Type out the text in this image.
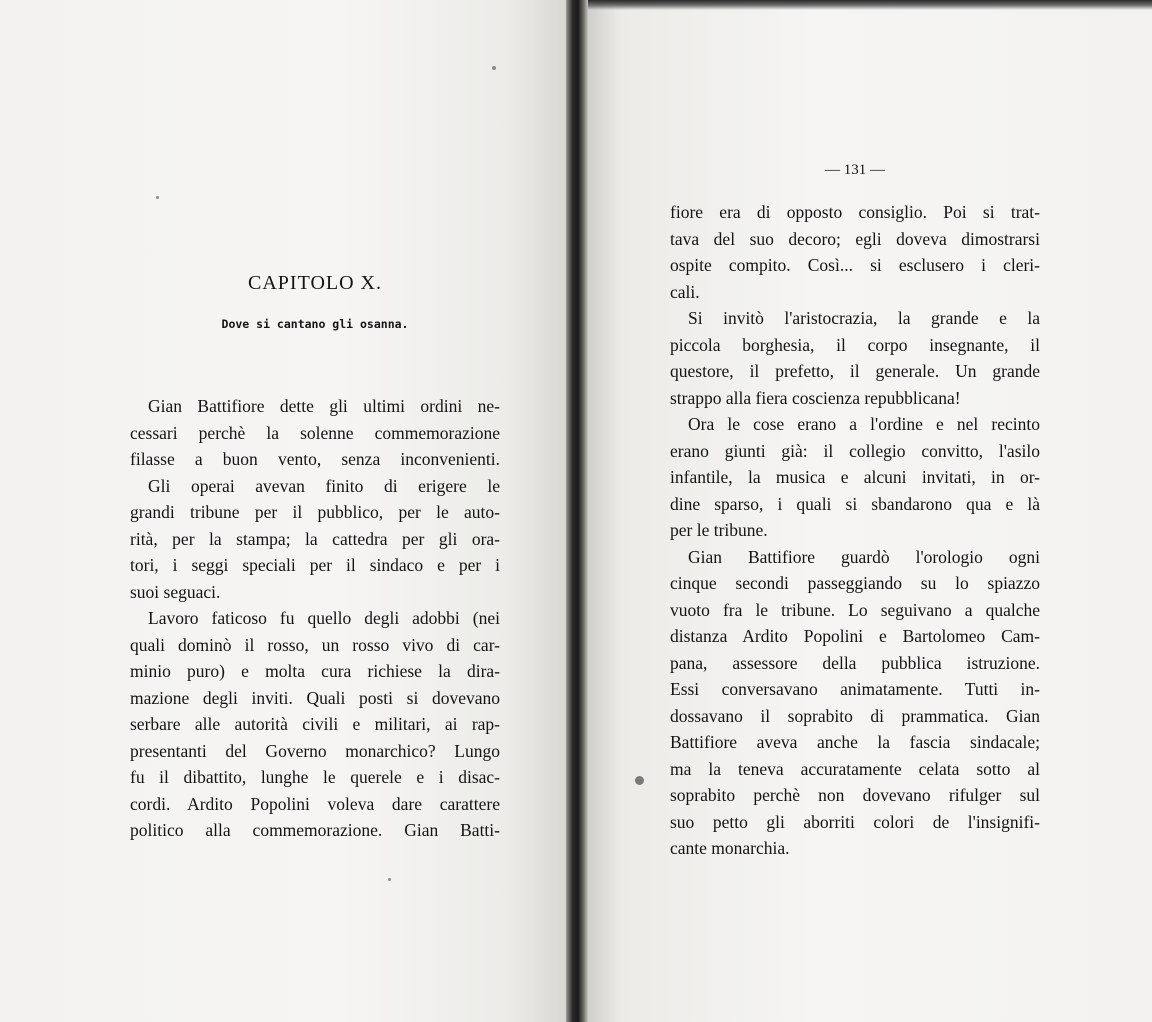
CAPITOLO X.
Dove si cantano gli osanna.
Gian Battifiore dette gli ultimi ordini ne-
cessari perchè la solenne commemorazione
filasse a buon vento, senza inconvenienti.
Gli operai avevan finito di erigere le
grandi tribune per il pubblico, per le auto-
rità, per la stampa; la cattedra per gli ora-
tori, i seggi speciali per il sindaco e per i
suoi seguaci.
Lavoro faticoso fu quello degli adobbi (nei
quali dominò il rosso, un rosso vivo di car-
minio puro) e molta cura richiese la dira-
mazione degli inviti. Quali posti si dovevano
serbare alle autorità civili e militari, ai rap-
presentanti del Governo monarchico? Lungo
fu il dibattito, lunghe le querele e i disac-
cordi. Ardito Popolini voleva dare carattere
politico alla commemorazione. Gian Batti-
— 131 —
fiore era di opposto consiglio. Poi si trat-
tava del suo decoro; egli doveva dimostrarsi
ospite compito. Così... si esclusero i cleri-
cali.
Si invitò l'aristocrazia, la grande e la
piccola borghesia, il corpo insegnante, il
questore, il prefetto, il generale. Un grande
strappo alla fiera coscienza repubblicana!
Ora le cose erano a l'ordine e nel recinto
erano giunti già: il collegio convitto, l'asilo
infantile, la musica e alcuni invitati, in or-
dine sparso, i quali si sbandarono qua e là
per le tribune.
Gian Battifiore guardò l'orologio ogni
cinque secondi passeggiando su lo spiazzo
vuoto fra le tribune. Lo seguivano a qualche
distanza Ardito Popolini e Bartolomeo Cam-
pana, assessore della pubblica istruzione.
Essi conversavano animatamente. Tutti in-
dossavano il soprabito di prammatica. Gian
Battifiore aveva anche la fascia sindacale;
ma la teneva accuratamente celata sotto al
soprabito perchè non dovevano rifulger sul
suo petto gli aborriti colori de l'insignifi-
cante monarchia.
